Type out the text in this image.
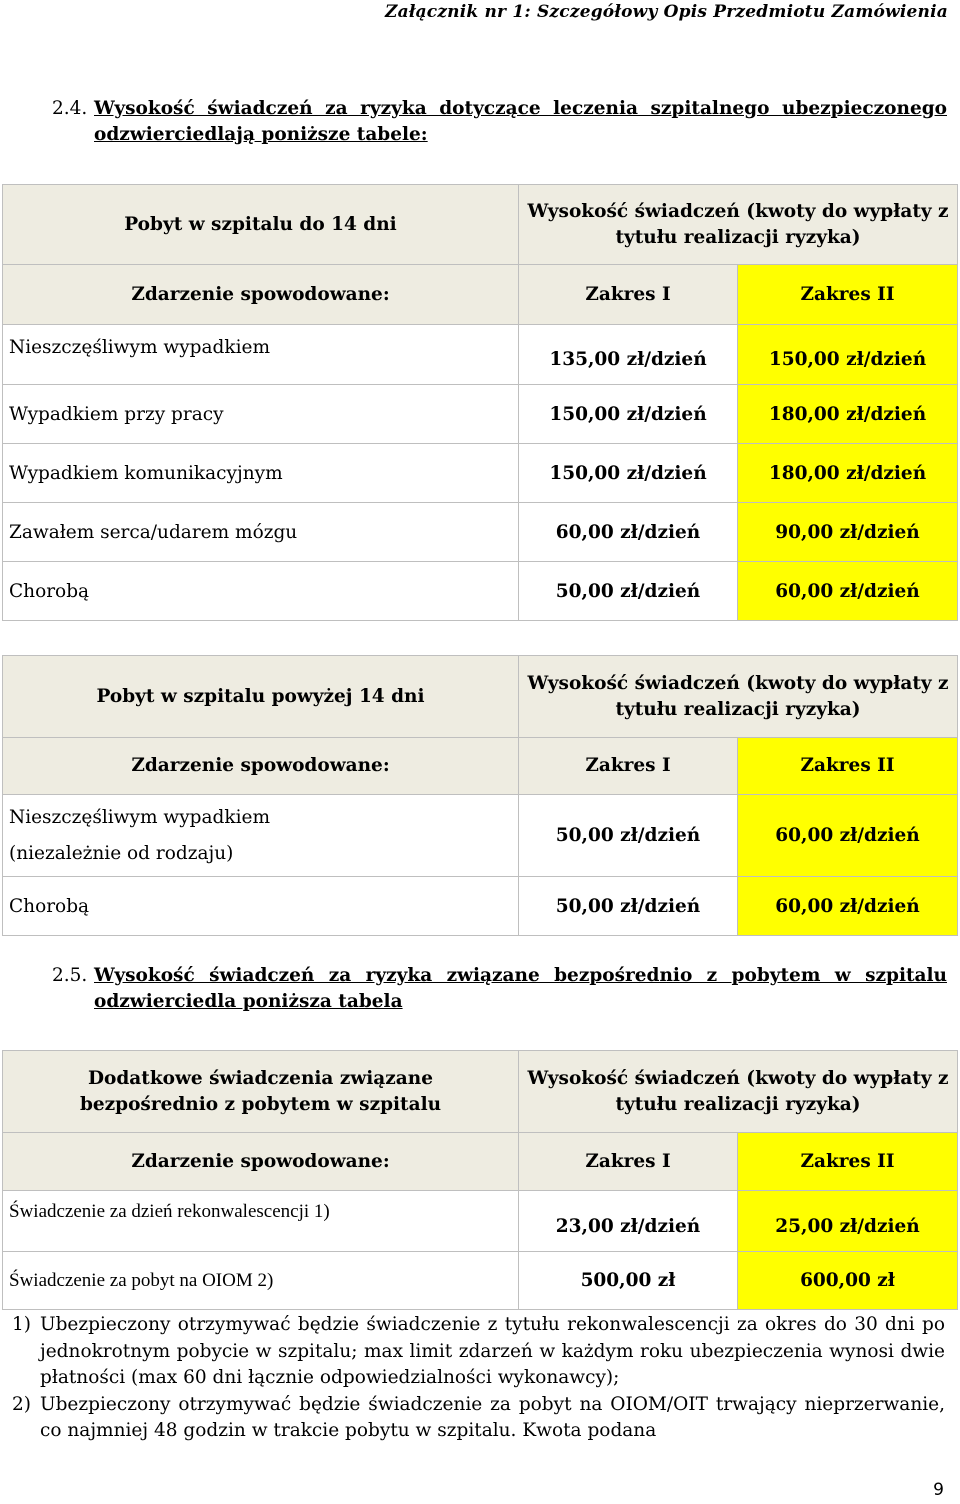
Załącznik nr 1: Szczegółowy Opis Przedmiotu Zamówienia
2.4. Wysokość świadczeń za ryzyka dotyczące leczenia szpitalnego ubezpieczonego odzwierciedlają poniższe tabele:
Pobyt w szpitalu do 14 dni	Wysokość świadczeń (kwoty do wypłaty z tytułu realizacji ryzyka)	
Zdarzenie spowodowane:	Zakres I	Zakres II
Nieszczęśliwym wypadkiem	135,00 zł/dzień	150,00 zł/dzień
Wypadkiem przy pracy	150,00 zł/dzień	180,00 zł/dzień
Wypadkiem komunikacyjnym	150,00 zł/dzień	180,00 zł/dzień
Zawałem serca/udarem mózgu	60,00 zł/dzień	90,00 zł/dzień
Chorobą	50,00 zł/dzień	60,00 zł/dzień
Pobyt w szpitalu powyżej 14 dni	Wysokość świadczeń (kwoty do wypłaty z tytułu realizacji ryzyka)	
Zdarzenie spowodowane:	Zakres I	Zakres II

Nieszczęśliwym wypadkiem
(niezależnie od rodzaju)	50,00 zł/dzień	60,00 zł/dzień
Chorobą	50,00 zł/dzień	60,00 zł/dzień
2.5. Wysokość świadczeń za ryzyka związane bezpośrednio z pobytem w szpitalu odzwierciedla poniższa tabela
Dodatkowe świadczenia związane bezpośrednio z pobytem w szpitalu	Wysokość świadczeń (kwoty do wypłaty z tytułu realizacji ryzyka)	
Zdarzenie spowodowane:	Zakres I	Zakres II
Świadczenie za dzień rekonwalescencji 1)	23,00 zł/dzień	25,00 zł/dzień
Świadczenie za pobyt na OIOM 2)	500,00 zł	600,00 zł
1) Ubezpieczony otrzymywać będzie świadczenie z tytułu rekonwalescencji za okres do 30 dni po jednokrotnym pobycie w szpitalu; max limit zdarzeń w każdym roku ubezpieczenia wynosi dwie płatności (max 60 dni łącznie odpowiedzialności wykonawcy);
2) Ubezpieczony otrzymywać będzie świadczenie za pobyt na OIOM/OIT trwający nieprzerwanie, co najmniej 48 godzin w trakcie pobytu w szpitalu. Kwota podana
9
